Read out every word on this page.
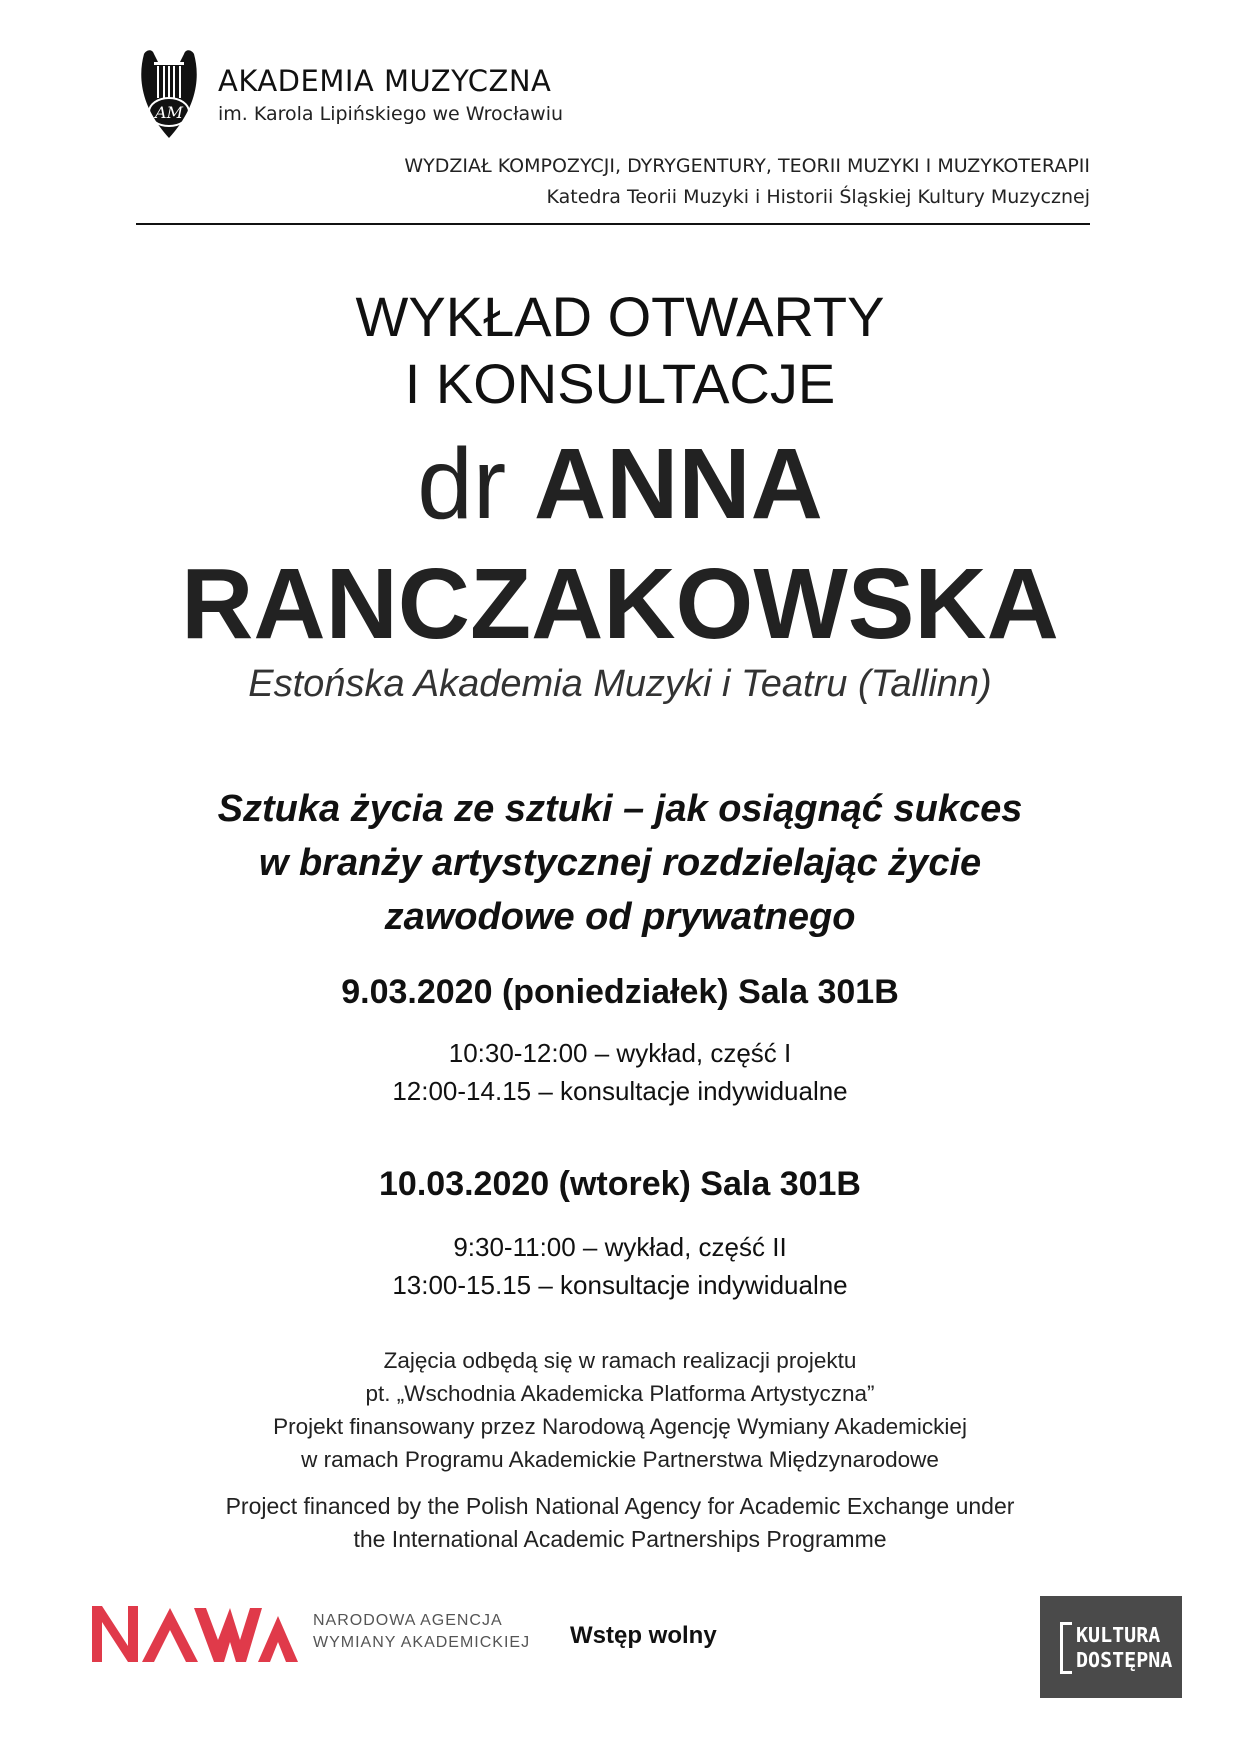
AM
AKADEMIA MUZYCZNA
im. Karola Lipińskiego we Wrocławiu
WYDZIAŁ KOMPOZYCJI, DYRYGENTURY, TEORII MUZYKI I MUZYKOTERAPII
Katedra Teorii Muzyki i Historii Śląskiej Kultury Muzycznej
WYKŁAD OTWARTY
I KONSULTACJE
dr ANNA
RANCZAKOWSKA
Estońska Akademia Muzyki i Teatru (Tallinn)
Sztuka życia ze sztuki – jak osiągnąć sukces
w branży artystycznej rozdzielając życie
zawodowe od prywatnego
9.03.2020 (poniedziałek) Sala 301B
10:30-12:00 – wykład, część I
12:00-14.15 – konsultacje indywidualne
10.03.2020 (wtorek) Sala 301B
9:30-11:00 – wykład, część II
13:00-15.15 – konsultacje indywidualne
Zajęcia odbędą się w ramach realizacji projektu
pt. „Wschodnia Akademicka Platforma Artystyczna”
Projekt finansowany przez Narodową Agencję Wymiany Akademickiej
w ramach Programu Akademickie Partnerstwa Międzynarodowe
Project financed by the Polish National Agency for Academic Exchange under
the International Academic Partnerships Programme
NARODOWA AGENCJA
WYMIANY AKADEMICKIEJ Wstęp wolny	KULTURA
DOSTĘPNA
